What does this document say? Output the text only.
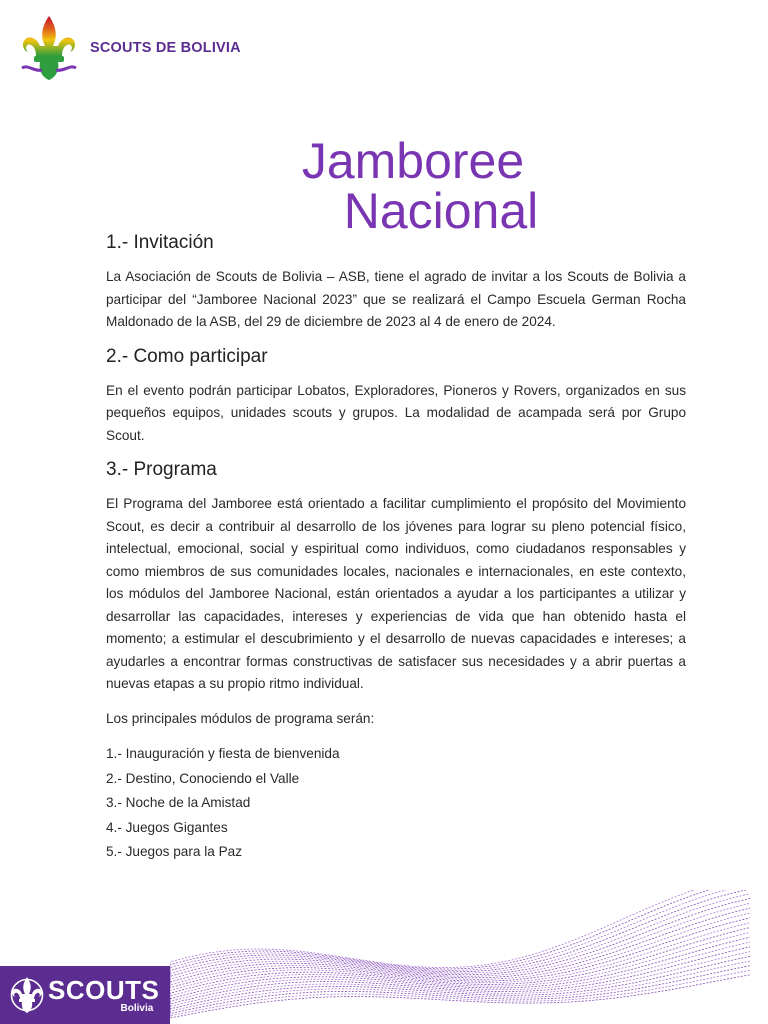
SCOUTS DE BOLIVIA
Jamboree
Nacional
1.- Invitación

La Asociación de Scouts de Bolivia – ASB, tiene el agrado de invitar a los Scouts de Bolivia a participar del “Jamboree Nacional 2023” que se realizará el Campo Escuela German Rocha Maldonado de la ASB, del 29 de diciembre de 2023 al 4 de enero de 2024.

2.- Como participar

En el evento podrán participar Lobatos, Exploradores, Pioneros y Rovers, organizados en sus pequeños equipos, unidades scouts y grupos. La modalidad de acampada será por Grupo Scout.

3.- Programa

El Programa del Jamboree está orientado a facilitar cumplimiento el propósito del Movimiento Scout, es decir a contribuir al desarrollo de los jóvenes para lograr su pleno potencial físico, intelectual, emocional, social y espiritual como individuos, como ciudadanos responsables y como miembros de sus comunidades locales, nacionales e internacionales, en este contexto, los módulos del Jamboree Nacional, están orientados a ayudar a los participantes a utilizar y desarrollar las capacidades, intereses y experiencias de vida que han obtenido hasta el momento; a estimular el descubrimiento y el desarrollo de nuevas capacidades e intereses; a ayudarles a encontrar formas constructivas de satisfacer sus necesidades y a abrir puertas a nuevas etapas a su propio ritmo individual.

Los principales módulos de programa serán:

1.- Inauguración y fiesta de bienvenida
2.- Destino, Conociendo el Valle
3.- Noche de la Amistad
4.- Juegos Gigantes
5.- Juegos para la Paz
SCOUTS
Bolivia
